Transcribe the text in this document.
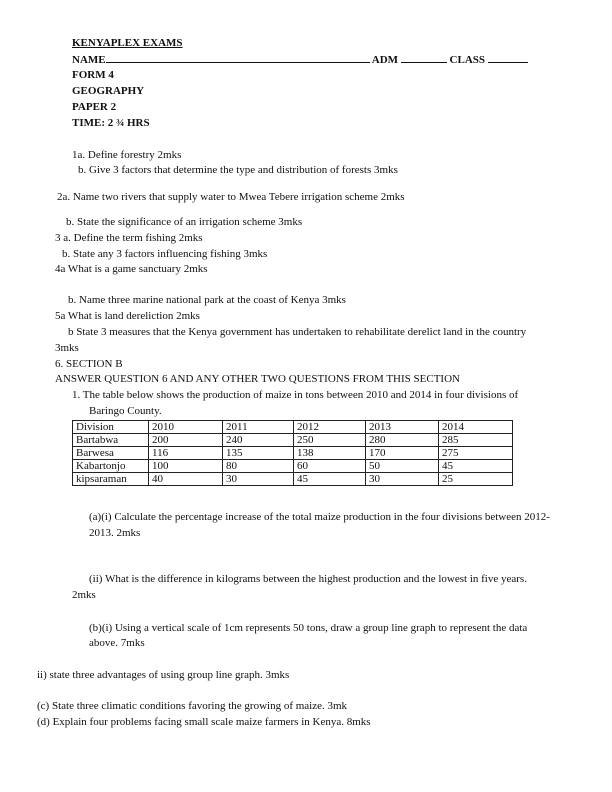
KENYAPLEX EXAMS
NAME	ADM	CLASS
FORM 4
GEOGRAPHY
PAPER 2
TIME: 2 ¾ HRS
1a. Define forestry 2mks
b. Give 3 factors that determine the type and distribution of forests 3mks
2a. Name two rivers that supply water to Mwea Tebere irrigation scheme 2mks
b. State the significance of an irrigation scheme 3mks
3 a. Define the term fishing 2mks
b. State any 3 factors influencing fishing 3mks
4a What is a game sanctuary 2mks
b. Name three marine national park at the coast of Kenya 3mks
5a What is land dereliction 2mks
b State 3 measures that the Kenya government has undertaken to rehabilitate derelict land in the country
3mks
6. SECTION B
ANSWER QUESTION 6 AND ANY OTHER TWO QUESTIONS FROM THIS SECTION
1. The table below shows the production of maize in tons between 2010 and 2014 in four divisions of
Baringo County.
Division	2010	2011	2012	2013	2014
Bartabwa	200	240	250	280	285
Barwesa	116	135	138	170	275
Kabartonjo	100	80	60	50	45
kipsaraman	40	30	45	30	25
(a)(i) Calculate the percentage increase of the total maize production in the four divisions between 2012-
2013. 2mks
(ii) What is the difference in kilograms between the highest production and the lowest in five years.
2mks
(b)(i) Using a vertical scale of 1cm represents 50 tons, draw a group line graph to represent the data
above. 7mks
ii) state three advantages of using group line graph. 3mks
(c) State three climatic conditions favoring the growing of maize. 3mk
(d) Explain four problems facing small scale maize farmers in Kenya. 8mks
